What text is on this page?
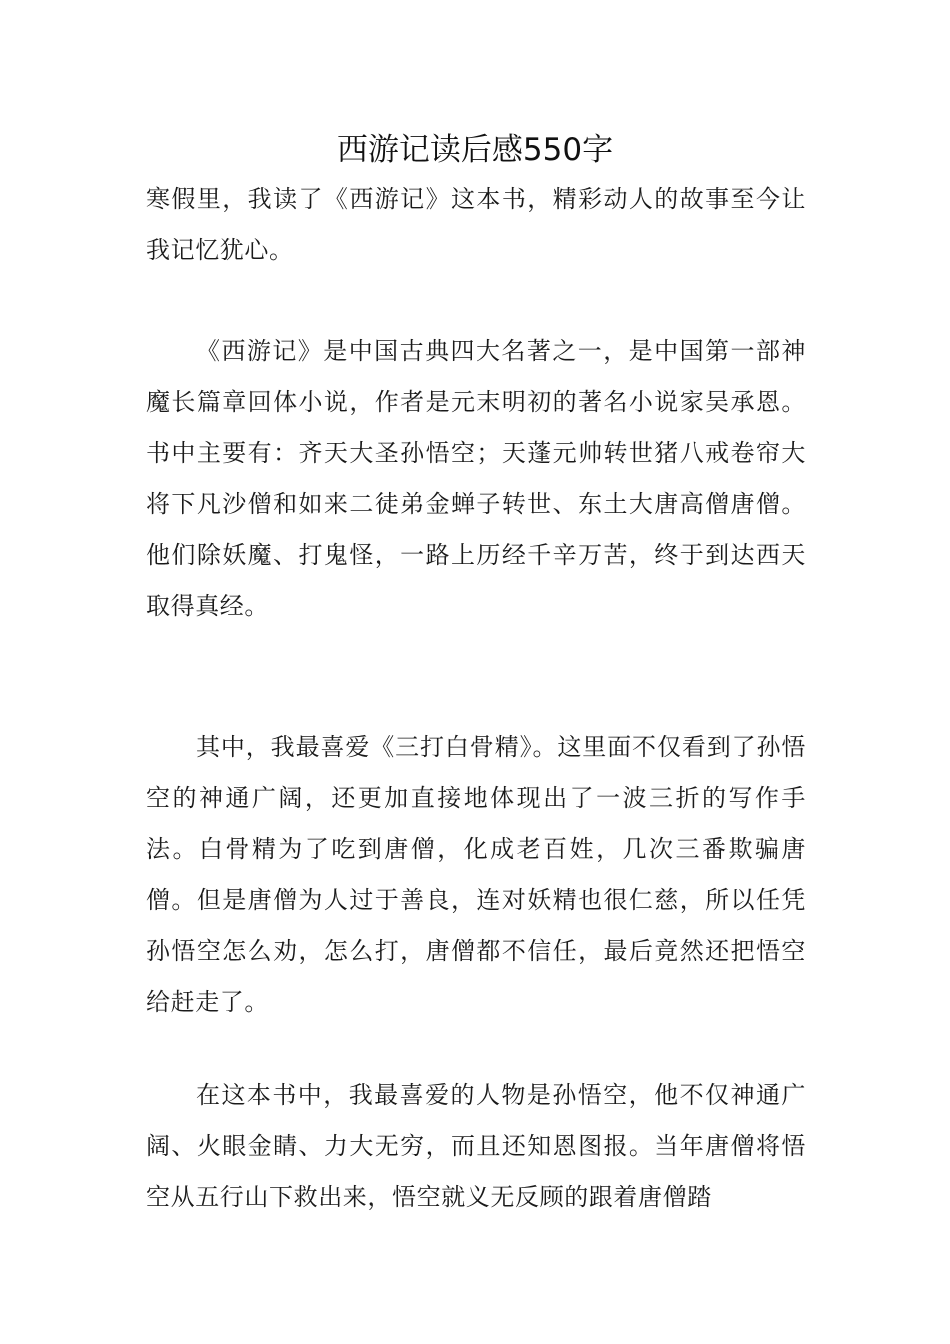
西游记读后感550字

寒假里，我读了《西游记》这本书，精彩动人的故事至今让我记忆犹心。

《西游记》是中国古典四大名著之一，是中国第一部神魔长篇章回体小说，作者是元末明初的著名小说家吴承恩。书中主要有：齐天大圣孙悟空；天蓬元帅转世猪八戒卷帘大将下凡沙僧和如来二徒弟金蝉子转世、东土大唐高僧唐僧。他们除妖魔、打鬼怪，一路上历经千辛万苦，终于到达西天取得真经。

其中，我最喜爱《三打白骨精》。这里面不仅看到了孙悟空的神通广阔，还更加直接地体现出了一波三折的写作手法。白骨精为了吃到唐僧，化成老百姓，几次三番欺骗唐僧。但是唐僧为人过于善良，连对妖精也很仁慈，所以任凭孙悟空怎么劝，怎么打，唐僧都不信任，最后竟然还把悟空给赶走了。

在这本书中，我最喜爱的人物是孙悟空，他不仅神通广阔、火眼金睛、力大无穷，而且还知恩图报。当年唐僧将悟空从五行山下救出来，悟空就义无反顾的跟着唐僧踏
